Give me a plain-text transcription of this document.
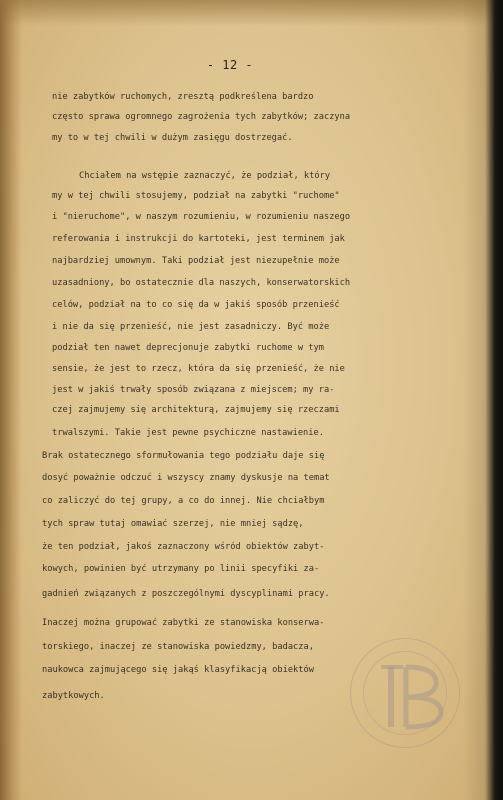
- 12 -
nie zabytków ruchomych, zresztą podkreślena bardzo
często sprawa ogromnego zagrożenia tych zabytków; zaczyna
my to w tej chwili w dużym zasięgu dostrzegać.
Chciałem na wstępie zaznaczyć, że podział, który
my w tej chwili stosujemy, podział na zabytki "ruchome"
i "nieruchome", w naszym rozumieniu, w rozumieniu naszego
referowania i instrukcji do kartoteki, jest terminem jak
najbardziej umownym. Taki podział jest niezupełnie może
uzasadniony, bo ostatecznie dla naszych, konserwatorskich
celów, podział na to co się da w jakiś sposób przenieść
i nie da się przenieść, nie jest zasadniczy. Być może
podział ten nawet deprecjonuje zabytki ruchome w tym
sensie, że jest to rzecz, która da się przenieść, że nie
jest w jakiś trwały sposób związana z miejscem; my ra-
czej zajmujemy się architekturą, zajmujemy się rzeczami
trwalszymi. Takie jest pewne psychiczne nastawienie.
Brak ostatecznego sformułowania tego podziału daje się
dosyć poważnie odczuć i wszyscy znamy dyskusje na temat
co zaliczyć do tej grupy, a co do innej. Nie chciałbym
tych spraw tutaj omawiać szerzej, nie mniej sądzę,
że ten podział, jakoś zaznaczony wśród obiektów zabyt-
kowych, powinien być utrzymany po linii specyfiki za-
gadnień związanych z poszczególnymi dyscyplinami pracy.
Inaczej można grupować zabytki ze stanowiska konserwa-
torskiego, inaczej ze stanowiska powiedzmy, badacza,
naukowca zajmującego się jakąś klasyfikacją obiektów
zabytkowych.
